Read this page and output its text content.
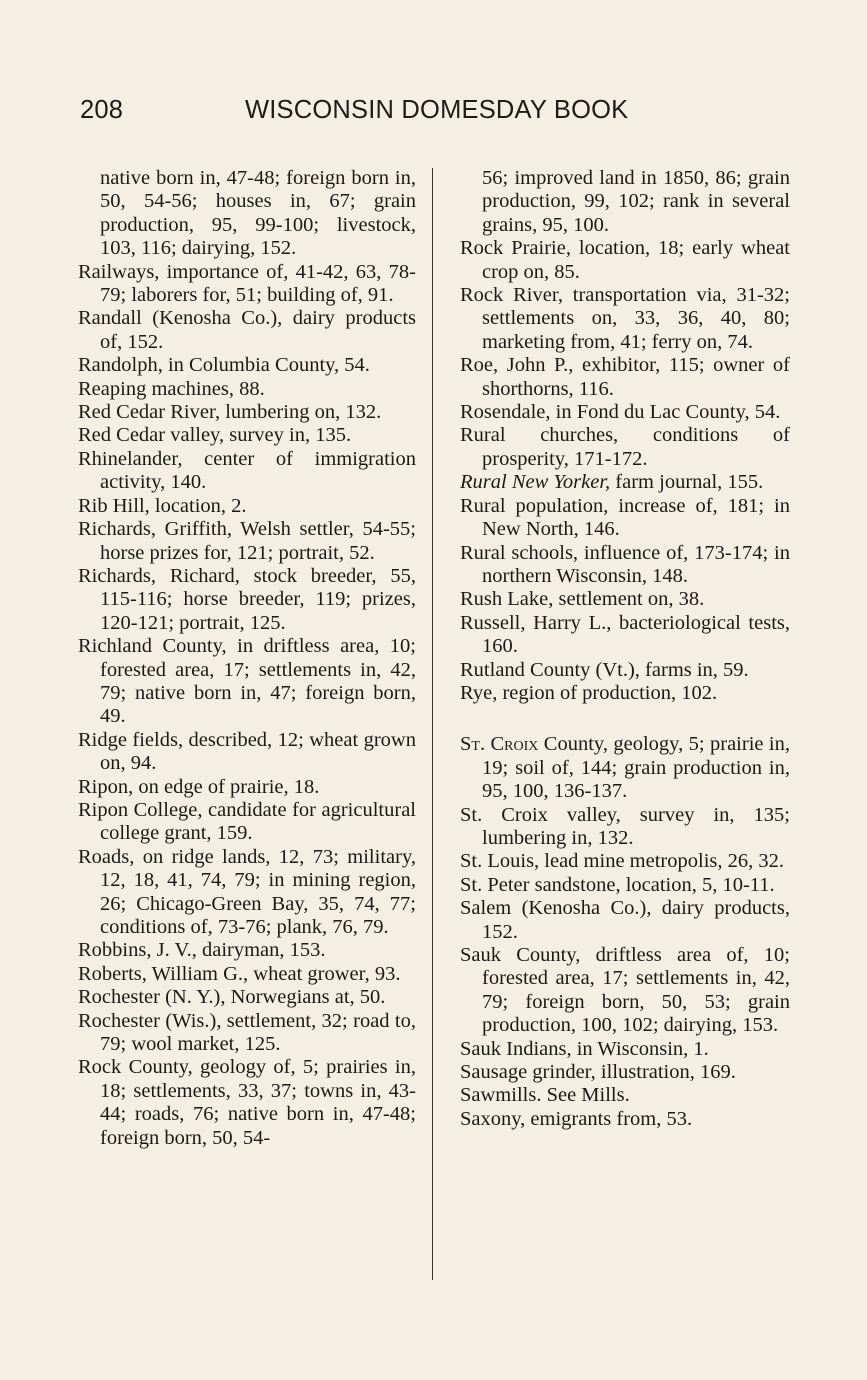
208	WISCONSIN DOMESDAY BOOK

native born in, 47-48; foreign born in, 50, 54-56; houses in, 67; grain production, 95, 99-100; livestock, 103, 116; dairying, 152.

Railways, importance of, 41-42, 63, 78-79; laborers for, 51; building of, 91.

Randall (Kenosha Co.), dairy products of, 152.

Randolph, in Columbia County, 54.

Reaping machines, 88.

Red Cedar River, lumbering on, 132.

Red Cedar valley, survey in, 135.

Rhinelander, center of immigration activity, 140.

Rib Hill, location, 2.

Richards, Griffith, Welsh settler, 54-55; horse prizes for, 121; portrait, 52.

Richards, Richard, stock breeder, 55, 115-116; horse breeder, 119; prizes, 120-121; portrait, 125.

Richland County, in driftless area, 10; forested area, 17; settlements in, 42, 79; native born in, 47; foreign born, 49.

Ridge fields, described, 12; wheat grown on, 94.

Ripon, on edge of prairie, 18.

Ripon College, candidate for agricultural college grant, 159.

Roads, on ridge lands, 12, 73; military, 12, 18, 41, 74, 79; in mining region, 26; Chicago-Green Bay, 35, 74, 77; conditions of, 73-76; plank, 76, 79.

Robbins, J. V., dairyman, 153.

Roberts, William G., wheat grower, 93.

Rochester (N. Y.), Norwegians at, 50.

Rochester (Wis.), settlement, 32; road to, 79; wool market, 125.

Rock County, geology of, 5; prairies in, 18; settlements, 33, 37; towns in, 43-44; roads, 76; native born in, 47-48; foreign born, 50, 54-

56; improved land in 1850, 86; grain production, 99, 102; rank in several grains, 95, 100.

Rock Prairie, location, 18; early wheat crop on, 85.

Rock River, transportation via, 31-32; settlements on, 33, 36, 40, 80; marketing from, 41; ferry on, 74.

Roe, John P., exhibitor, 115; owner of shorthorns, 116.

Rosendale, in Fond du Lac County, 54.

Rural churches, conditions of prosperity, 171-172.

Rural New Yorker, farm journal, 155.

Rural population, increase of, 181; in New North, 146.

Rural schools, influence of, 173-174; in northern Wisconsin, 148.

Rush Lake, settlement on, 38.

Russell, Harry L., bacteriological tests, 160.

Rutland County (Vt.), farms in, 59.

Rye, region of production, 102.

St. Croix County, geology, 5; prairie in, 19; soil of, 144; grain production in, 95, 100, 136-137.

St. Croix valley, survey in, 135; lumbering in, 132.

St. Louis, lead mine metropolis, 26, 32.

St. Peter sandstone, location, 5, 10-11.

Salem (Kenosha Co.), dairy products, 152.

Sauk County, driftless area of, 10; forested area, 17; settlements in, 42, 79; foreign born, 50, 53; grain production, 100, 102; dairying, 153.

Sauk Indians, in Wisconsin, 1.

Sausage grinder, illustration, 169.

Sawmills. See Mills.

Saxony, emigrants from, 53.
